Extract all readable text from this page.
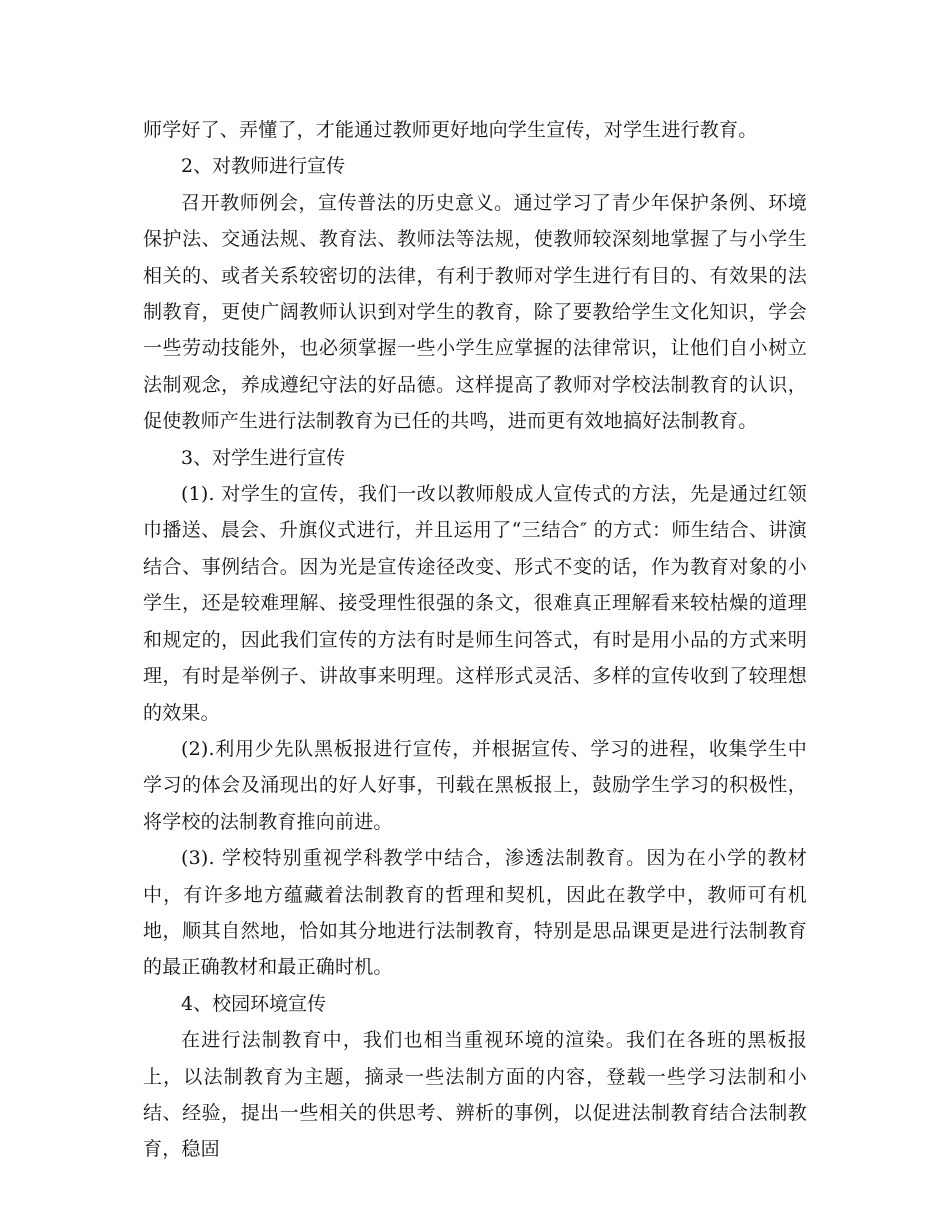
师学好了、弄懂了，才能通过教师更好地向学生宣传，对学生进行教育。

2、对教师进行宣传

召开教师例会，宣传普法的历史意义。通过学习了青少年保护条例、环境保护法、交通法规、教育法、教师法等法规，使教师较深刻地掌握了与小学生相关的、或者关系较密切的法律，有利于教师对学生进行有目的、有效果的法制教育，更使广阔教师认识到对学生的教育，除了要教给学生文化知识，学会一些劳动技能外，也必须掌握一些小学生应掌握的法律常识，让他们自小树立法制观念，养成遵纪守法的好品德。这样提高了教师对学校法制教育的认识，促使教师产生进行法制教育为已任的共鸣，进而更有效地搞好法制教育。

3、对学生进行宣传

(1). 对学生的宣传，我们一改以教师般成人宣传式的方法，先是通过红领巾播送、晨会、升旗仪式进行，并且运用了“三结合″ 的方式：师生结合、讲演结合、事例结合。因为光是宣传途径改变、形式不变的话，作为教育对象的小学生，还是较难理解、接受理性很强的条文，很难真正理解看来较枯燥的道理和规定的，因此我们宣传的方法有时是师生问答式，有时是用小品的方式来明理，有时是举例子、讲故事来明理。这样形式灵活、多样的宣传收到了较理想的效果。

(2).利用少先队黑板报进行宣传，并根据宣传、学习的进程，收集学生中学习的体会及涌现出的好人好事，刊载在黑板报上，鼓励学生学习的积极性，将学校的法制教育推向前进。

(3). 学校特别重视学科教学中结合，渗透法制教育。因为在小学的教材中，有许多地方蕴藏着法制教育的哲理和契机，因此在教学中，教师可有机地，顺其自然地，恰如其分地进行法制教育，特别是思品课更是进行法制教育的最正确教材和最正确时机。

4、校园环境宣传

在进行法制教育中，我们也相当重视环境的渲染。我们在各班的黑板报上，以法制教育为主题，摘录一些法制方面的内容，登载一些学习法制和小结、经验，提出一些相关的供思考、辨析的事例，以促进法制教育结合法制教育，稳固
